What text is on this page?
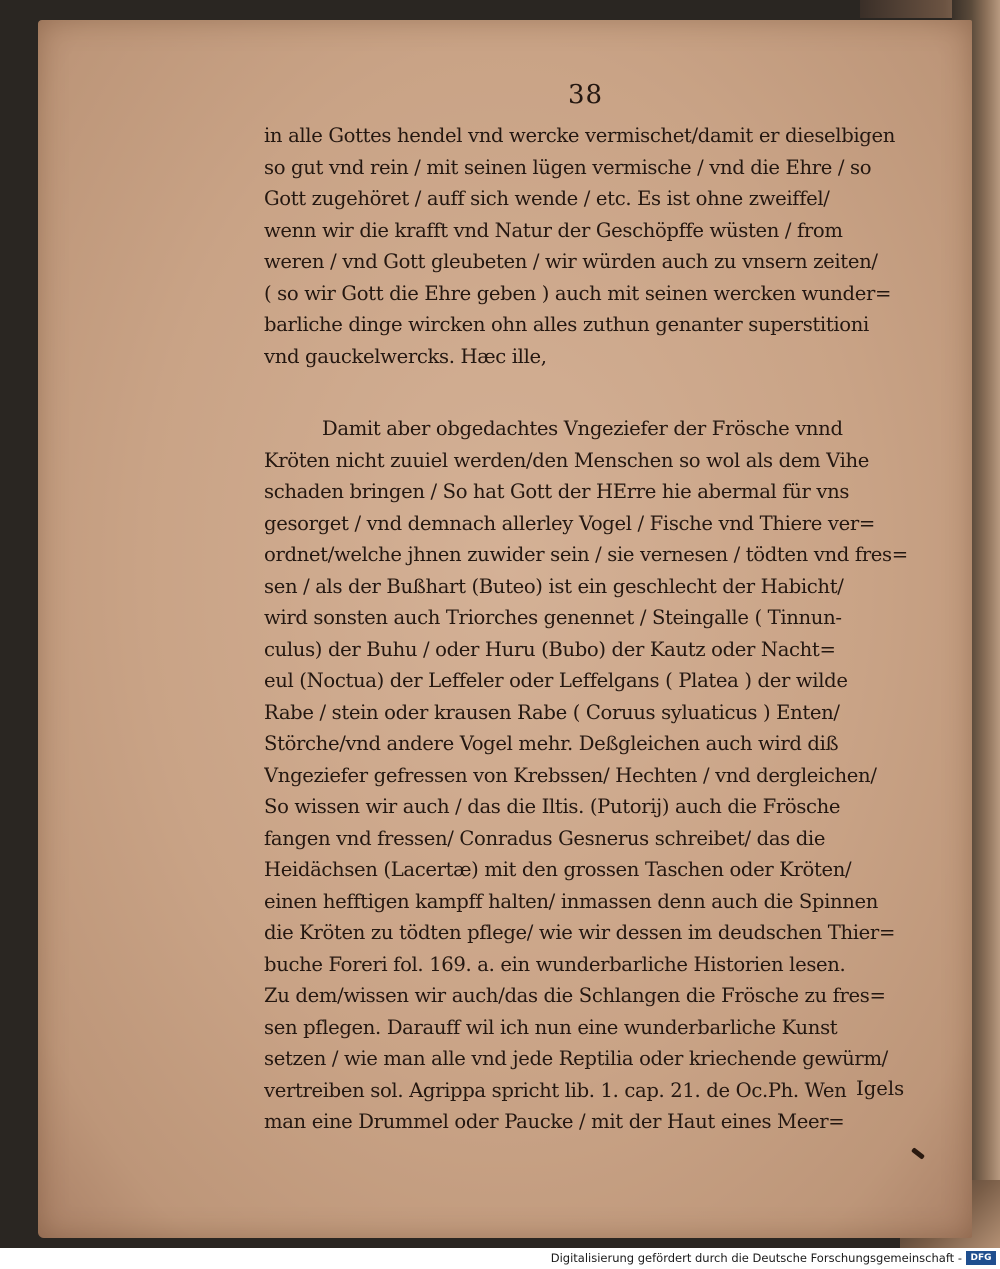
38
in alle Gottes hendel vnd wercke vermischet/damit er dieselbigen
so gut vnd rein / mit seinen lügen vermische / vnd die Ehre / so
Gott zugehöret / auff sich wende / etc. Es ist ohne zweiffel/
wenn wir die krafft vnd Natur der Geschöpffe wüsten / from
weren / vnd Gott gleubeten / wir würden auch zu vnsern zeiten/
( so wir Gott die Ehre geben ) auch mit seinen wercken wunder=
barliche dinge wircken ohn alles zuthun genanter superstitioni
vnd gauckelwercks. Hæc ille,
Damit aber obgedachtes Vngeziefer der Frösche vnnd
Kröten nicht zuuiel werden/den Menschen so wol als dem Vihe
schaden bringen / So hat Gott der HErre hie abermal für vns
gesorget / vnd demnach allerley Vogel / Fische vnd Thiere ver=
ordnet/welche jhnen zuwider sein / sie vernesen / tödten vnd fres=
sen / als der Bußhart (Buteo) ist ein geschlecht der Habicht/
wird sonsten auch Triorches genennet / Steingalle ( Tinnun-
culus) der Buhu / oder Huru (Bubo) der Kautz oder Nacht=
eul (Noctua) der Leffeler oder Leffelgans ( Platea ) der wilde
Rabe / stein oder krausen Rabe ( Coruus syluaticus ) Enten/
Störche/vnd andere Vogel mehr. Deßgleichen auch wird diß
Vngeziefer gefressen von Krebssen/ Hechten / vnd dergleichen/
So wissen wir auch / das die Iltis. (Putorij) auch die Frösche
fangen vnd fressen/ Conradus Gesnerus schreibet/ das die
Heidächsen (Lacertæ) mit den grossen Taschen oder Kröten/
einen hefftigen kampff halten/ inmassen denn auch die Spinnen
die Kröten zu tödten pflege/ wie wir dessen im deudschen Thier=
buche Foreri fol. 169. a. ein wunderbarliche Historien lesen.
Zu dem/wissen wir auch/das die Schlangen die Frösche zu fres=
sen pflegen. Darauff wil ich nun eine wunderbarliche Kunst
setzen / wie man alle vnd jede Reptilia oder kriechende gewürm/
vertreiben sol. Agrippa spricht lib. 1. cap. 21. de Oc.Ph. Wen
man eine Drummel oder Paucke / mit der Haut eines Meer=
Igels
Digitalisierung gefördert durch die Deutsche Forschungsgemeinschaft - DFG
